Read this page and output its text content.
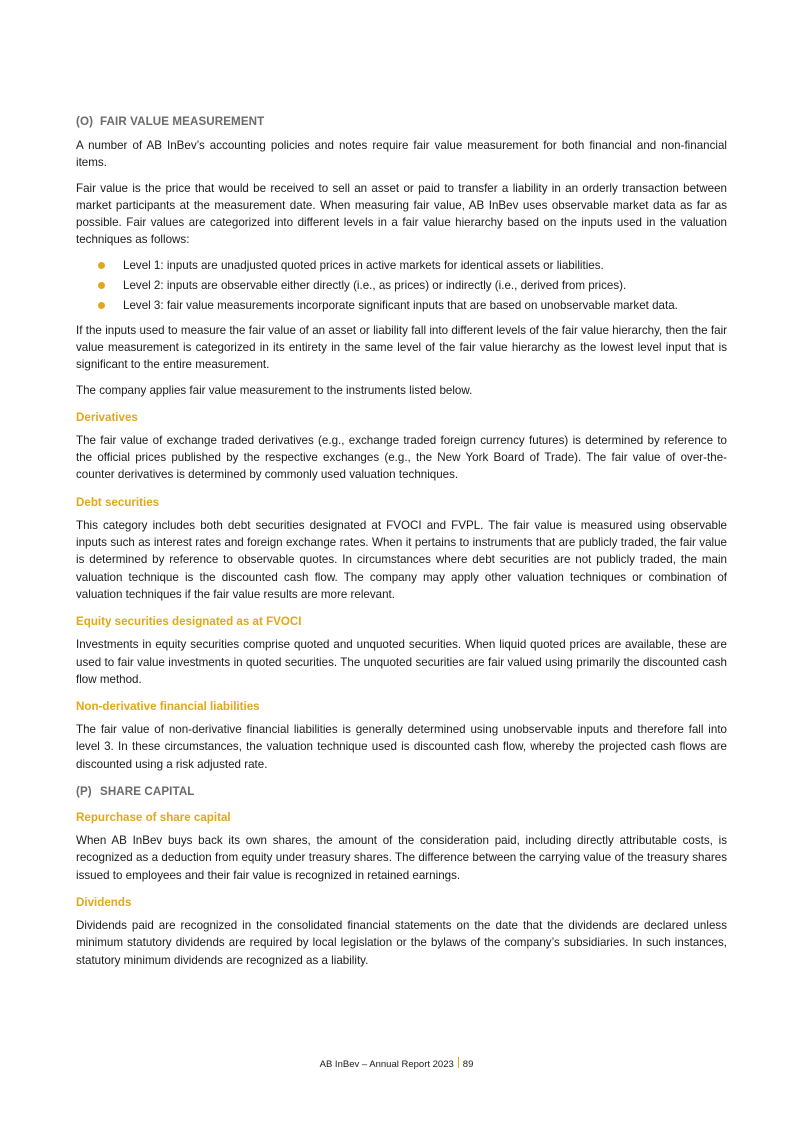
(O) FAIR VALUE MEASUREMENT

A number of AB InBev’s accounting policies and notes require fair value measurement for both financial and non-financial items.

Fair value is the price that would be received to sell an asset or paid to transfer a liability in an orderly transaction between market participants at the measurement date. When measuring fair value, AB InBev uses observable market data as far as possible. Fair values are categorized into different levels in a fair value hierarchy based on the inputs used in the valuation techniques as follows:

Level 1: inputs are unadjusted quoted prices in active markets for identical assets or liabilities.
Level 2: inputs are observable either directly (i.e., as prices) or indirectly (i.e., derived from prices).
Level 3: fair value measurements incorporate significant inputs that are based on unobservable market data.

If the inputs used to measure the fair value of an asset or liability fall into different levels of the fair value hierarchy, then the fair value measurement is categorized in its entirety in the same level of the fair value hierarchy as the lowest level input that is significant to the entire measurement.

The company applies fair value measurement to the instruments listed below.

Derivatives

The fair value of exchange traded derivatives (e.g., exchange traded foreign currency futures) is determined by reference to the official prices published by the respective exchanges (e.g., the New York Board of Trade). The fair value of over-the-counter derivatives is determined by commonly used valuation techniques.

Debt securities

This category includes both debt securities designated at FVOCI and FVPL. The fair value is measured using observable inputs such as interest rates and foreign exchange rates. When it pertains to instruments that are publicly traded, the fair value is determined by reference to observable quotes. In circumstances where debt securities are not publicly traded, the main valuation technique is the discounted cash flow. The company may apply other valuation techniques or combination of valuation techniques if the fair value results are more relevant.

Equity securities designated as at FVOCI

Investments in equity securities comprise quoted and unquoted securities. When liquid quoted prices are available, these are used to fair value investments in quoted securities. The unquoted securities are fair valued using primarily the discounted cash flow method.

Non-derivative financial liabilities

The fair value of non-derivative financial liabilities is generally determined using unobservable inputs and therefore fall into level 3. In these circumstances, the valuation technique used is discounted cash flow, whereby the projected cash flows are discounted using a risk adjusted rate.

(P) SHARE CAPITAL
Repurchase of share capital

When AB InBev buys back its own shares, the amount of the consideration paid, including directly attributable costs, is recognized as a deduction from equity under treasury shares. The difference between the carrying value of the treasury shares issued to employees and their fair value is recognized in retained earnings.

Dividends

Dividends paid are recognized in the consolidated financial statements on the date that the dividends are declared unless minimum statutory dividends are required by local legislation or the bylaws of the company’s subsidiaries. In such instances, statutory minimum dividends are recognized as a liability.

AB InBev – Annual Report 2023 89
